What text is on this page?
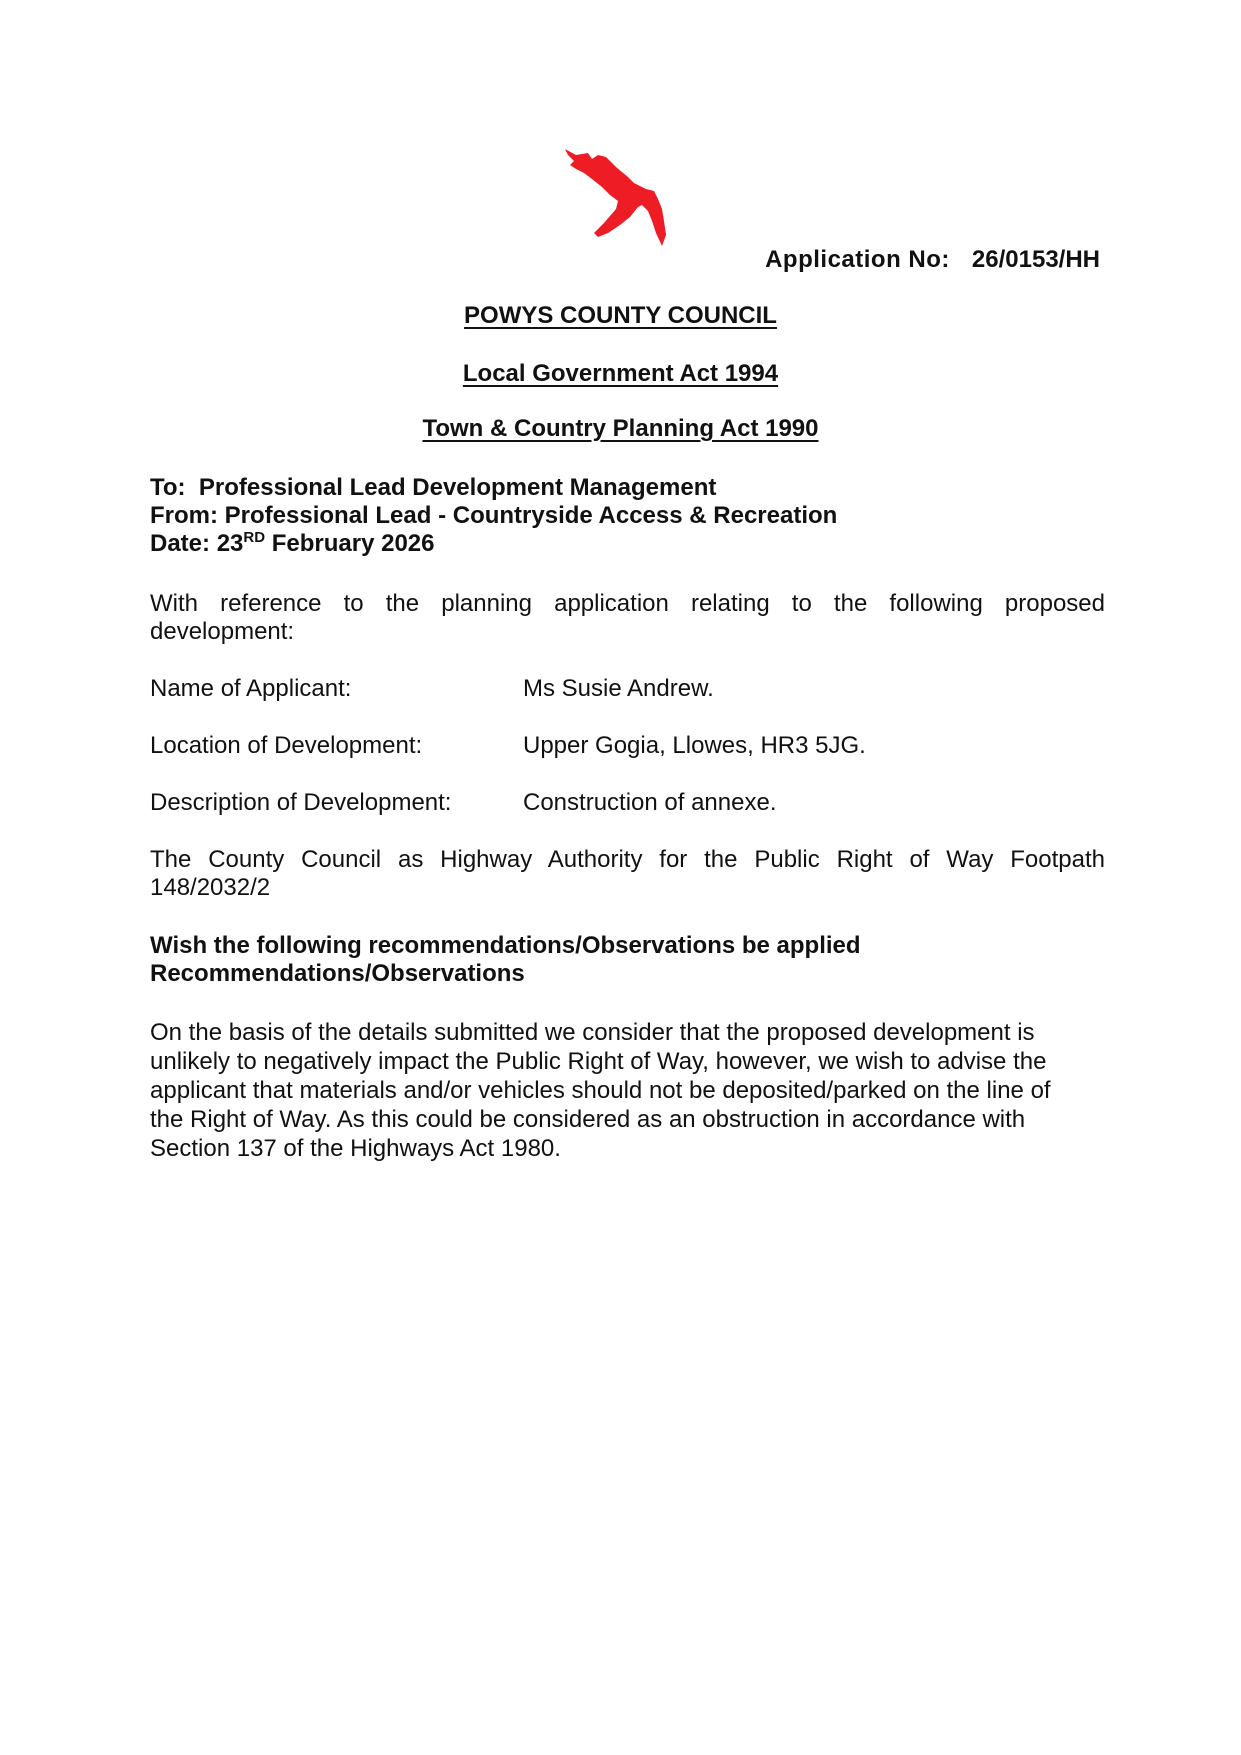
Application No: 26/0153/HH
POWYS COUNTY COUNCIL
Local Government Act 1994
Town & Country Planning Act 1990
To: Professional Lead Development Management
From: Professional Lead - Countryside Access & Recreation
Date: 23RD February 2026
With reference to the planning application relating to the following proposed development:
Name of Applicant:	Ms Susie Andrew.
Location of Development:	Upper Gogia, Llowes, HR3 5JG.
Description of Development:	Construction of annexe.
The County Council as Highway Authority for the Public Right of Way Footpath 148/2032/2
Wish the following recommendations/Observations be applied
Recommendations/Observations
On the basis of the details submitted we consider that the proposed development is unlikely to negatively impact the Public Right of Way, however, we wish to advise the applicant that materials and/or vehicles should not be deposited/parked on the line of the Right of Way. As this could be considered as an obstruction in accordance with Section 137 of the Highways Act 1980.
